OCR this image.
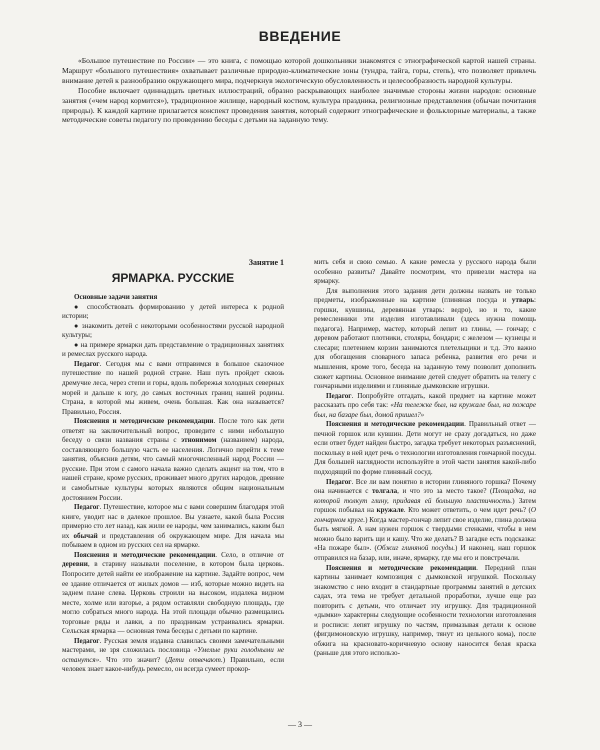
ВВЕДЕНИЕ

«Большое путешествие по России» — это книга, с помощью которой дошкольники знакомятся с этнографической картой нашей страны. Маршрут «большого путешествия» охватывает различные природно-климатические зоны (тундра, тайга, горы, степь), что позволяет привлечь внимание детей к разнообразию окружающего мира, подчеркнув экологическую обусловленность и целесообразность народной культуры.

Пособие включает одиннадцать цветных иллюстраций, образно раскрывающих наиболее значимые стороны жизни народов: основные занятия («чем народ кормится»), традиционное жилище, народный костюм, культура праздника, религиозные представления (обычаи почитания природы). К каждой картине прилагается конспект проведения занятия, который содержит этнографические и фольклорные материалы, а также методические советы педагогу по проведению беседы с детьми на заданную тему.

Занятие 1
ЯРМАРКА. РУССКИЕ

Основные задачи занятия

● способствовать формированию у детей интереса к родной истории;

● знакомить детей с некоторыми особенностями русской народной культуры;

● на примере ярмарки дать представление о традиционных занятиях и ремеслах русского народа.

Педагог. Сегодня мы с вами отправимся в большое сказочное путешествие по нашей родной стране. Наш путь пройдет сквозь дремучие леса, через степи и горы, вдоль побережья холодных северных морей и дальше к югу, до самых восточных границ нашей родины. Страна, в которой мы живем, очень большая. Как она называется? Правильно, Россия.

Пояснения и методические рекомендации. После того как дети ответят на заключительный вопрос, проведите с ними небольшую беседу о связи названия страны с этнонимом (названием) народа, составляющего большую часть ее населения. Логично перейти к теме занятия, объяснив детям, что самый многочисленный народ России — русские. При этом с самого начала важно сделать акцент на том, что в нашей стране, кроме русских, проживает много других народов, древние и самобытные культуры которых являются общим национальным достоянием России.

Педагог. Путешествие, которое мы с вами совершим благодаря этой книге, уводит нас в далекое прошлое. Вы узнаете, какой была Россия примерно сто лет назад, как жили ее народы, чем занимались, каким был их обычай и представления об окружающем мире. Для начала мы побываем в одном из русских сел на ярмарке.

Пояснения и методические рекомендации. Село, в отличие от деревни, в старину называли поселение, в котором была церковь. Попросите детей найти ее изображение на картине. Задайте вопрос, чем ее здание отличается от жилых домов — изб, которые можно видеть на заднем плане слева. Церковь строили на высоком, издалека видном месте, холме или взгорье, а рядом оставляли свободную площадь, где могло собраться много народа. На этой площади обычно размещались торговые ряды и лавки, а по праздникам устраивались ярмарки. Сельская ярмарка — основная тема беседы с детьми по картине.

Педагог. Русская земля издавна славилась своими замечательными мастерами, не зря сложилась пословица «Умелые руки голодными не останутся». Что это значит? (Дети отвечают.) Правильно, если человек знает какое-нибудь ремесло, он всегда сумеет прокор-

мить себя и свою семью. А какие ремесла у русского народа были особенно развиты? Давайте посмотрим, что привезли мастера на ярмарку.

Для выполнения этого задания дети должны назвать не только предметы, изображенные на картине (глиняная посуда и утварь: горшки, кувшины, деревянная утварь: ведро), но и то, какие ремесленники эти изделия изготавливали (здесь нужна помощь педагога). Например, мастер, который лепит из глины, — гончар; с деревом работают плотники, столяры, бондари; с железом — кузнецы и слесари; плетением корзин занимаются плетельщики и т.д. Это важно для обогащения словарного запаса ребенка, развития его речи и мышления, кроме того, беседа на заданную тему позволит дополнить сюжет картины. Основное внимание детей следует обратить на телегу с гончарными изделиями и глиняные дымковские игрушки.

Педагог. Попробуйте отгадать, какой предмет на картине может рассказать про себя так: «На тележке был, на кружале был, на пожаре был, на базаре был, домой пришел?»

Пояснения и методические рекомендации. Правильный ответ — печной горшок или кувшин. Дети могут не сразу догадаться, но даже если ответ будет найден быстро, загадка требует некоторых разъяснений, поскольку в ней идет речь о технологии изготовления гончарной посуды. Для большей наглядности используйте в этой части занятия какой-либо подходящий по форме глиняный сосуд.

Педагог. Все ли вам понятно в истории глиняного горшка? Почему она начинается с толгала, и что это за место такое? (Площадка, на которой толкут глину, придавая ей большую пластичность.) Затем горшок побывал на кружале. Кто может ответить, о чем идет речь? (О гончарном круге.) Когда мастер-гончар лепит свое изделие, глина должна быть мягкой. А нам нужен горшок с твердыми стенками, чтобы в нем можно было варить щи и кашу. Что же делать? В загадке есть подсказка: «На пожаре был». (Обжиг глиняной посуды.) И наконец, наш горшок отправился на базар, или, иначе, ярмарку, где мы его и повстречали.

Пояснения и методические рекомендации. Передний план картины занимает композиция с дымковской игрушкой. Поскольку знакомство с нею входит в стандартные программы занятий в детских садах, эта тема не требует детальной проработки, лучше еще раз повторить с детьми, что отличает эту игрушку. Для традиционной «дымки» характерны следующие особенности технологии изготовления и росписи: лепят игрушку по частям, примазывая детали к основе (фигдимоновскую игрушку, например, тянут из цельного кома), после обжига на красновато-коричневую основу наносится белая краска (раньше для этого использо-

— 3 —
